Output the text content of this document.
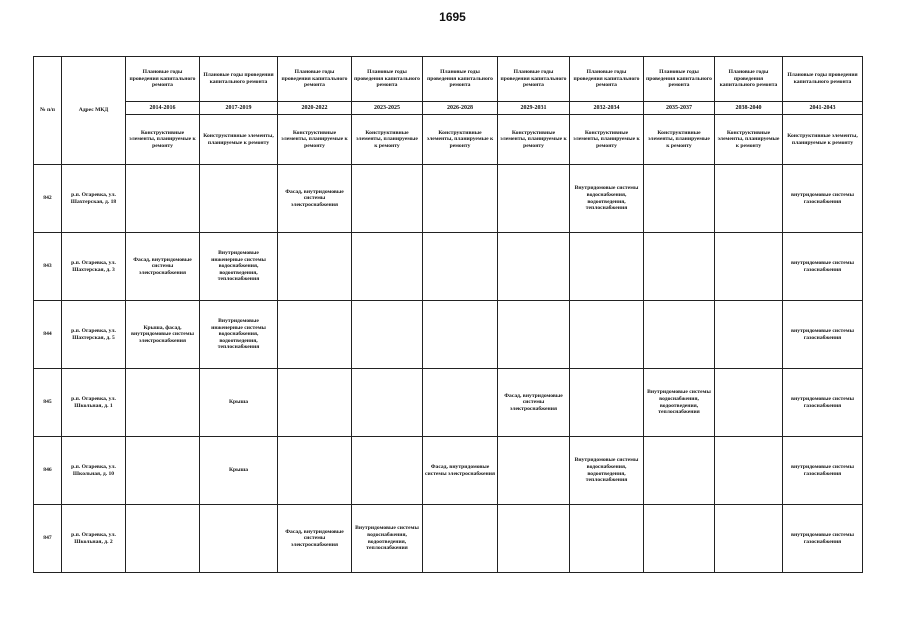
1695
№ п/п	Адрес МКД	Плановые годы проведения капитального ремонта	Плановые годы проведения капитального ремонта	Плановые годы проведения капитального ремонта	Плановые годы проведения капитального ремонта	Плановые годы проведения капитального ремонта	Плановые годы проведения капитального ремонта	Плановые годы проведения капитального ремонта	Плановые годы проведения капитального ремонта	Плановые годы проведения капитального ремонта	Плановые годы проведения капитального ремонта
		2014-2016	2017-2019	2020-2022	2023-2025	2026-2028	2029-2031	2032-2034	2035-2037	2038-2040	2041-2043
		Конструктивные элементы, планируемые к ремонту	Конструктивные элементы, планируемые к ремонту	Конструктивные элементы, планируемые к ремонту	Конструктивные элементы, планируемые к ремонту	Конструктивные элементы, планируемые к ремонту	Конструктивные элементы, планируемые к ремонту	Конструктивные элементы, планируемые к ремонту	Конструктивные элементы, планируемые к ремонту	Конструктивные элементы, планируемые к ремонту	Конструктивные элементы, планируемые к ремонту
842	р.п. Огаревка, ул. Шахтерская, д. 18			Фасад, внутридомовые системы электроснабжения				Внутридомовые системы водоснабжения, водоотведения, теплоснабжения			внутридомовые системы газоснабжения
843	р.п. Огаревка, ул. Шахтерская, д. 3	Фасад, внутридомовые системы электроснабжения	Внутридомовые инженерные системы водоснабжения, водоотведения, теплоснабжения								внутридомовые системы газоснабжения
844	р.п. Огаревка, ул. Шахтерская, д. 5	Крыша, фасад, внутридомовые системы электроснабжения	Внутридомовые инженерные системы водоснабжения, водоотведения, теплоснабжения								внутридомовые системы газоснабжения
845	р.п. Огаревка, ул. Школьная, д. 1		Крыша				Фасад, внутридомовые системы электроснабжения		Внутридомовые системы водоснабжения, водоотведения, теплоснабжения		внутридомовые системы газоснабжения
846	р.п. Огаревка, ул. Школьная, д. 10		Крыша			Фасад, внутридомовые системы электроснабжения		Внутридомовые системы водоснабжения, водоотведения, теплоснабжения			внутридомовые системы газоснабжения
847	р.п. Огаревка, ул. Школьная, д. 2			Фасад, внутридомовые системы электроснабжения	Внутридомовые системы водоснабжения, водоотведения, теплоснабжения						внутридомовые системы газоснабжения
